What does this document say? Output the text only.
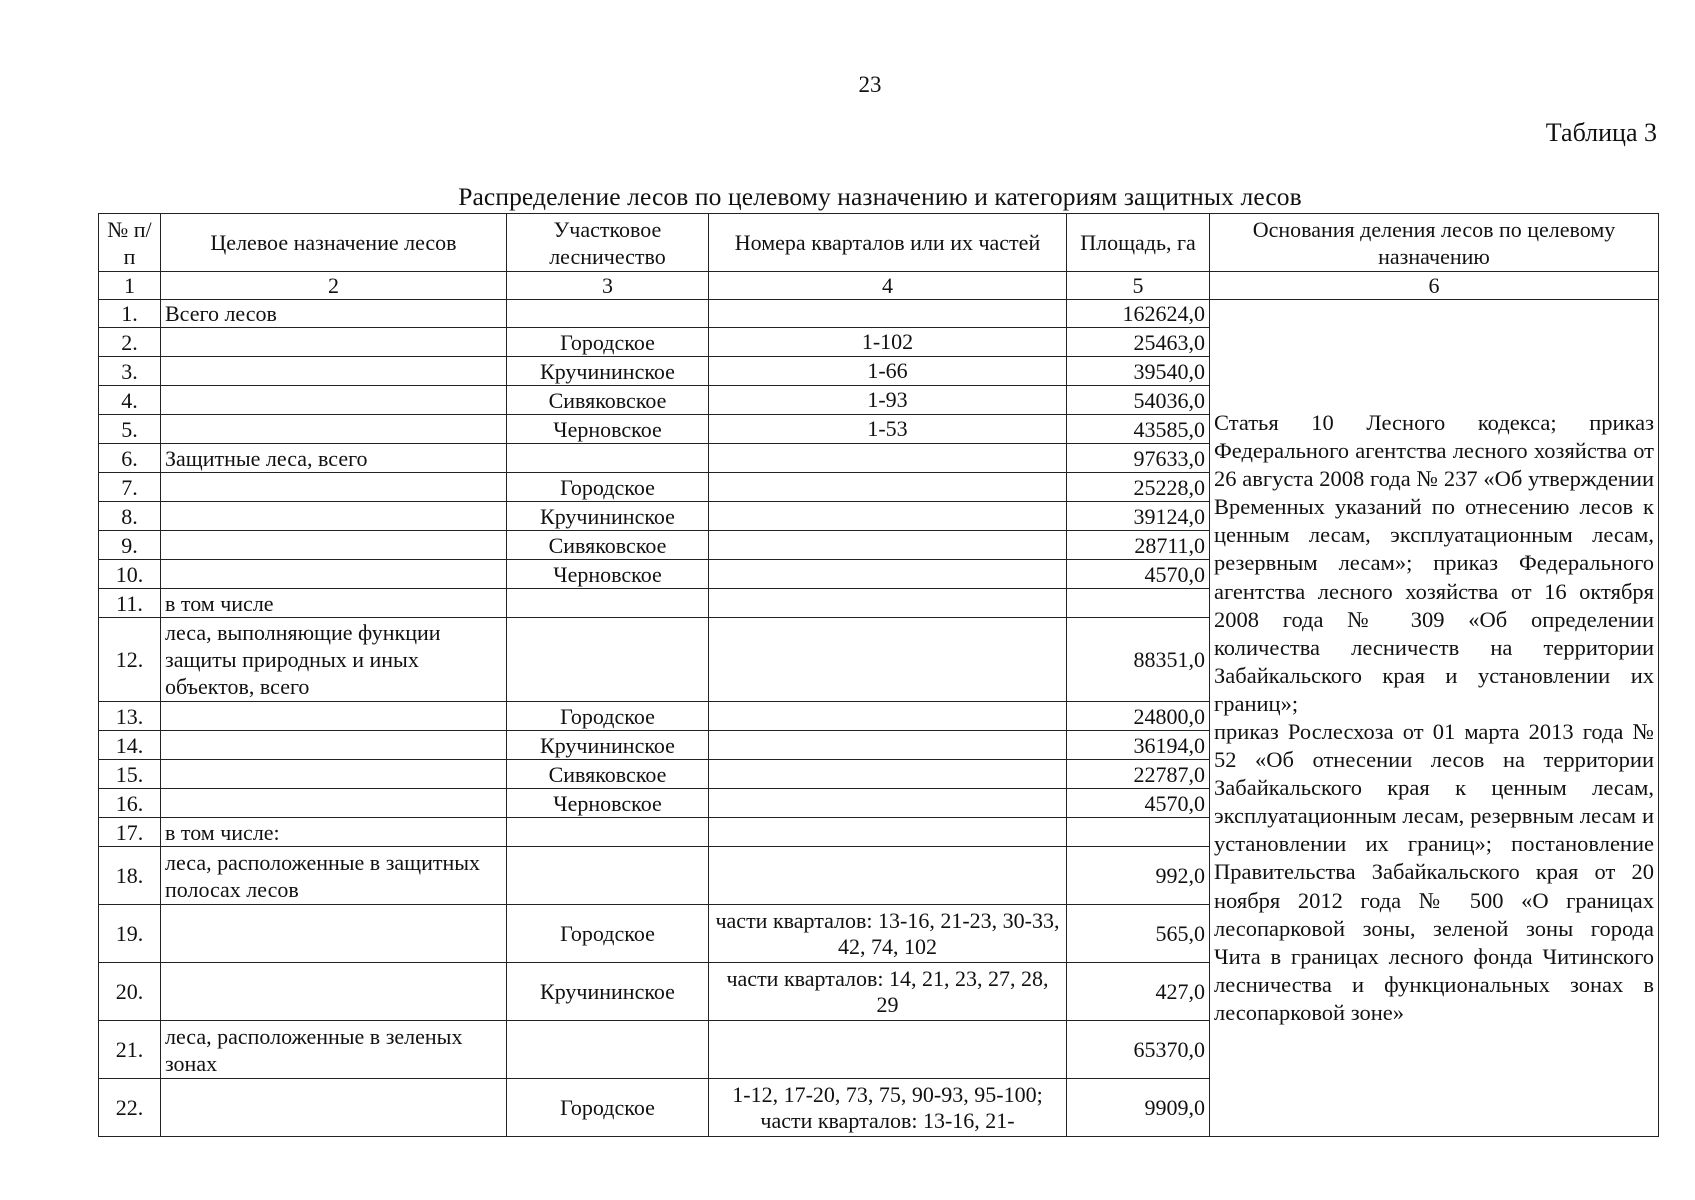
23
Таблица 3
Распределение лесов по целевому назначению и категориям защитных лесов
№ п/п	Целевое назначение лесов	Участковое лесничество	Номера кварталов или их частей	Площадь, га	Основания деления лесов по целевому назначению
1	2	3	4	5	6
1.	Всего лесов			162624,0	Статья 10 Лесного кодекса; приказ Федерального агентства лесного хозяйства от 26 августа 2008 года № 237 «Об утверждении Временных указаний по отнесению лесов к ценным лесам, эксплуатационным лесам, резервным лесам»; приказ Федерального агентства лесного хозяйства от 16 октября 2008 года № 309 «Об определении количества лесничеств на территории Забайкальского края и установлении их границ»;

приказ Рослесхоза от 01 марта 2013 года № 52 «Об отнесении лесов на территории Забайкальского края к ценным лесам, эксплуатационным лесам, резервным лесам и установлении их границ»; постановление Правительства Забайкальского края от 20 ноября 2012 года № 500 «О границах лесопарковой зоны, зеленой зоны города Чита в границах лесного фонда Читинского лесничества и функциональных зонах в лесопарковой зоне»

2.		Городское	1-102	25463,0	
3.		Кручининское	1-66	39540,0	
4.		Сивяковское	1-93	54036,0	
5.		Черновское	1-53	43585,0	
6.	Защитные леса, всего			97633,0	
7.		Городское		25228,0	
8.		Кручининское		39124,0	
9.		Сивяковское		28711,0	
10.		Черновское		4570,0	
11.	в том числе				
12.	леса, выполняющие функции защиты природных и иных объектов, всего			88351,0	
13.		Городское		24800,0	
14.		Кручининское		36194,0	
15.		Сивяковское		22787,0	
16.		Черновское		4570,0	
17.	в том числе:				
18.	леса, расположенные в защитных полосах лесов			992,0	
19.		Городское	части кварталов: 13-16, 21-23, 30-33, 42, 74, 102	565,0	
20.		Кручининское	части кварталов: 14, 21, 23, 27, 28, 29	427,0	
21.	леса, расположенные в зеленых зонах			65370,0	
22.		Городское	1-12, 17-20, 73, 75, 90-93, 95-100; части кварталов: 13-16, 21-	9909,0	
